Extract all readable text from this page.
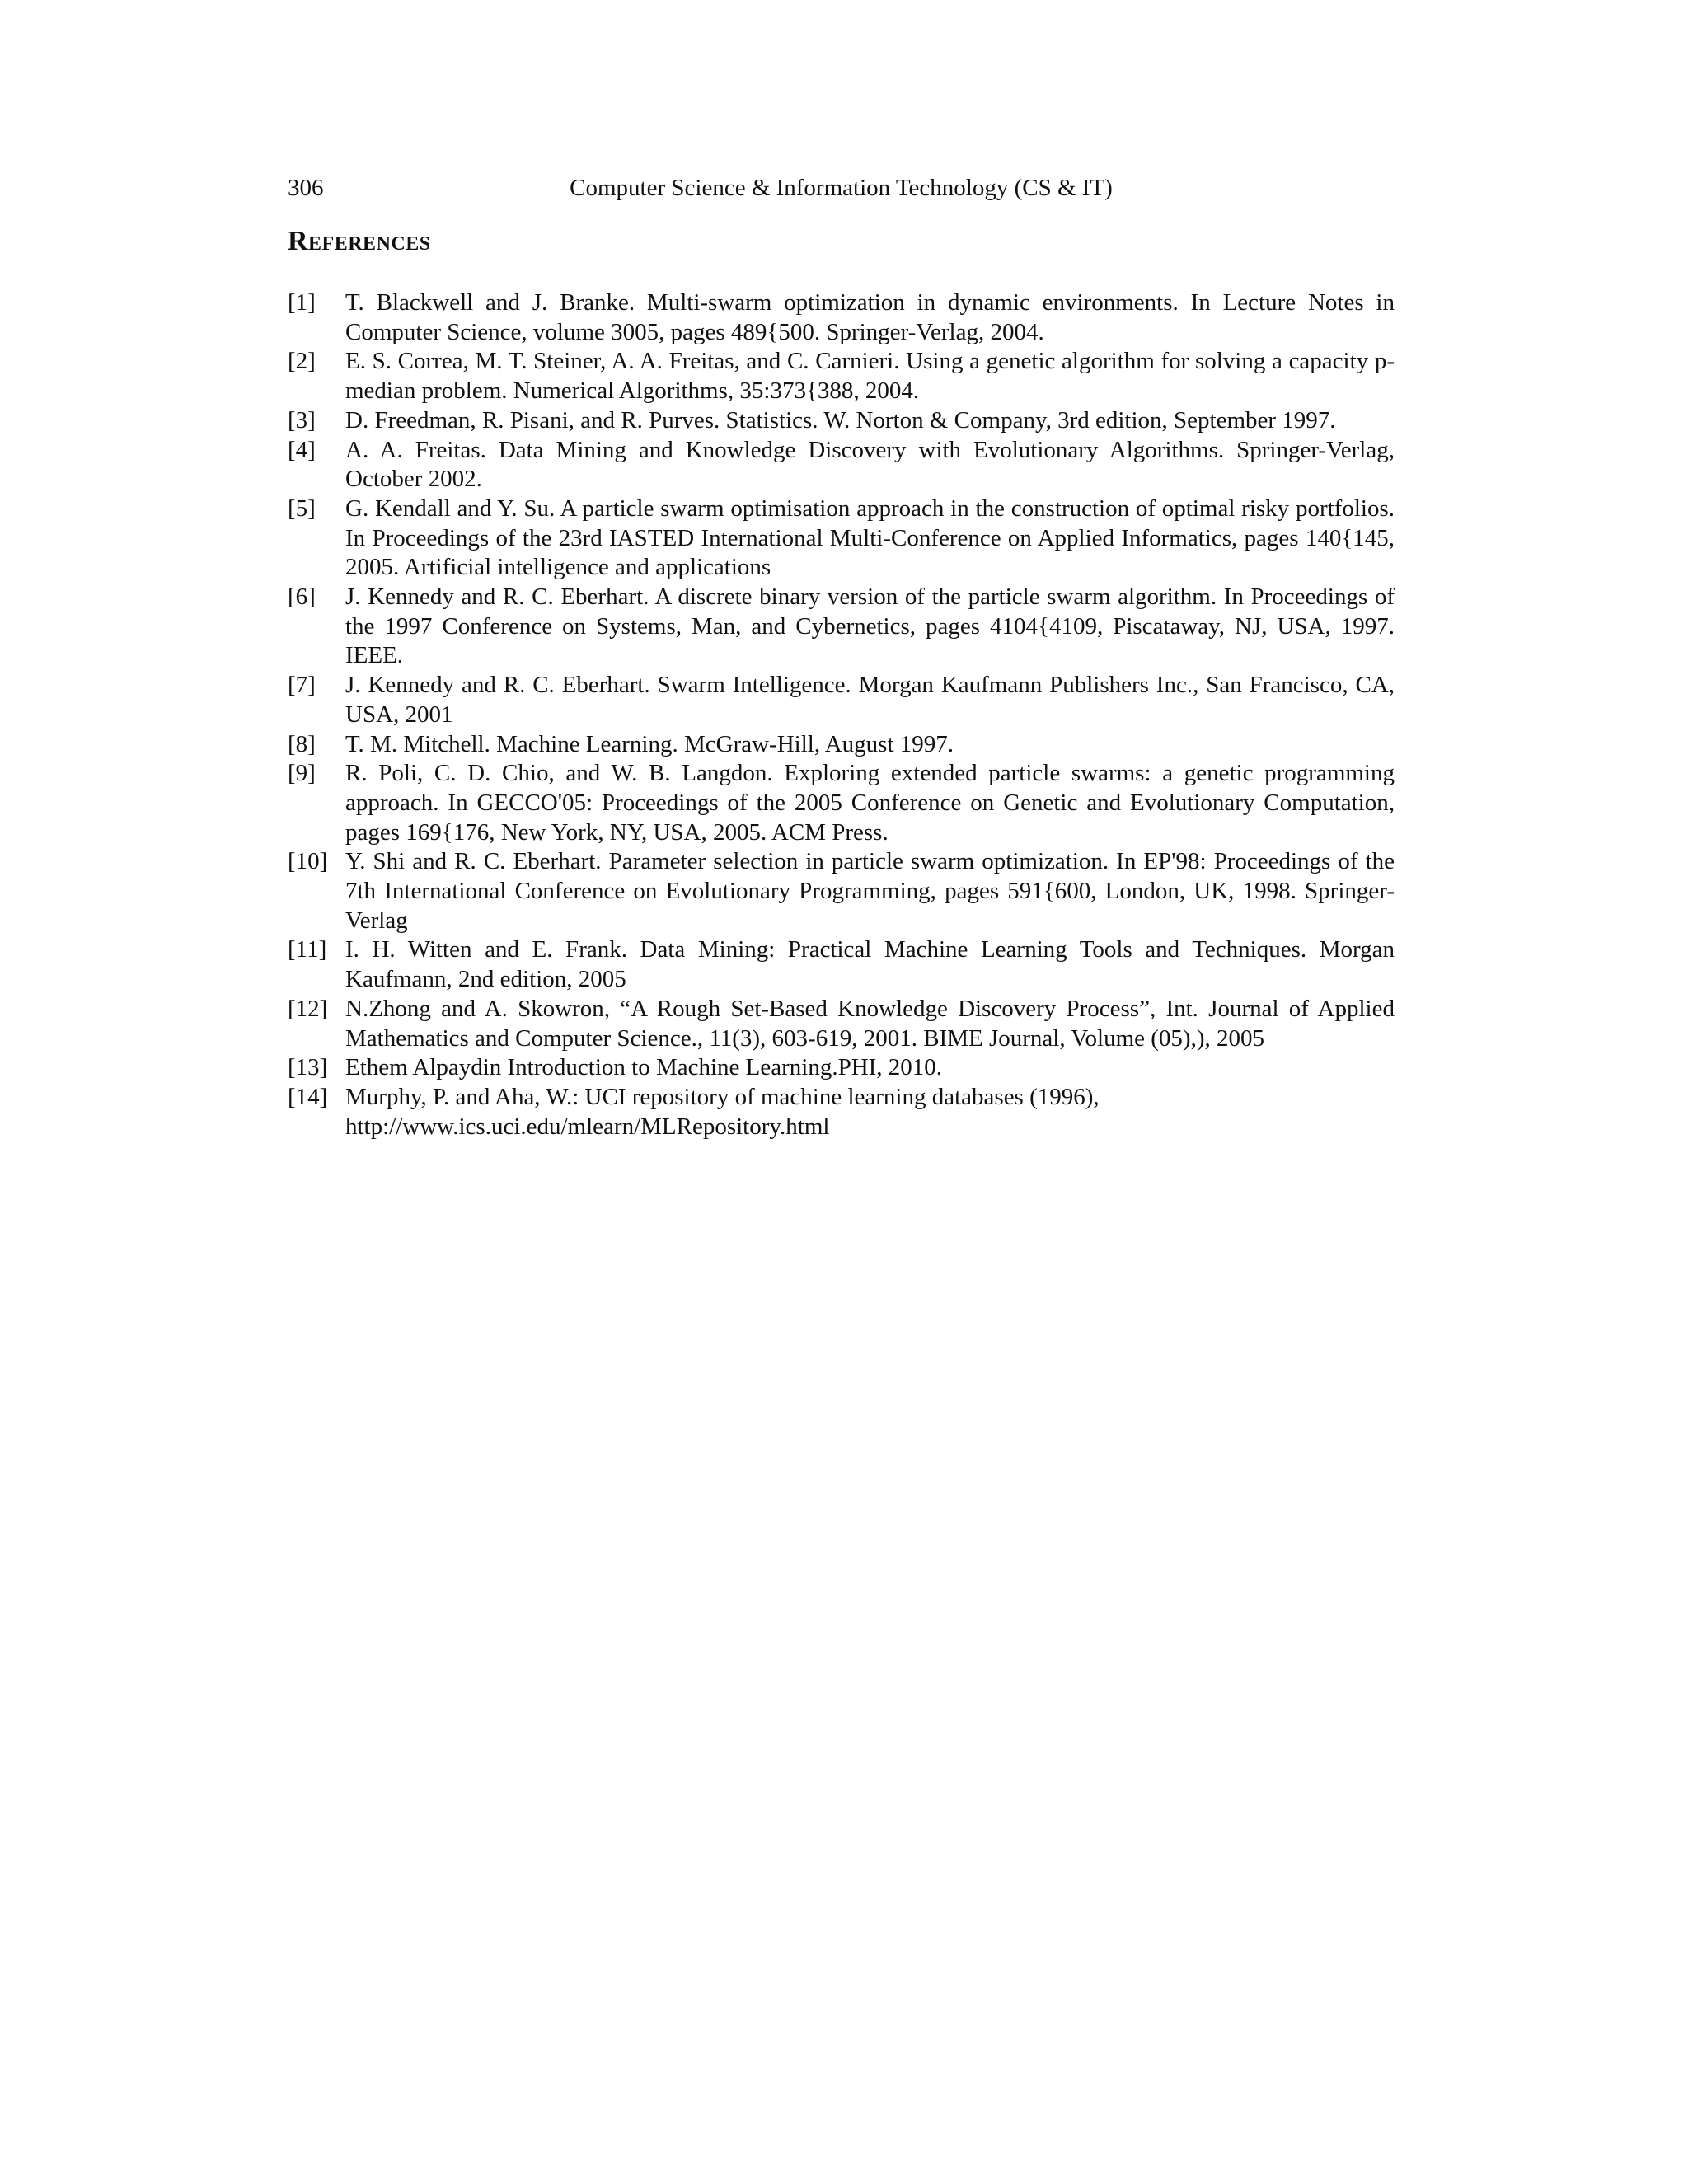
306	Computer Science & Information Technology (CS & IT)
References
[1]	T. Blackwell and J. Branke. Multi-swarm optimization in dynamic environments. In Lecture Notes in Computer Science, volume 3005, pages 489{500. Springer-Verlag, 2004.
[2]	E. S. Correa, M. T. Steiner, A. A. Freitas, and C. Carnieri. Using a genetic algorithm for solving a capacity p-median problem. Numerical Algorithms, 35:373{388, 2004.
[3]	D. Freedman, R. Pisani, and R. Purves. Statistics. W. Norton & Company, 3rd edition, September 1997.
[4]	A. A. Freitas. Data Mining and Knowledge Discovery with Evolutionary Algorithms. Springer-Verlag, October 2002.
[5]	G. Kendall and Y. Su. A particle swarm optimisation approach in the construction of optimal risky portfolios. In Proceedings of the 23rd IASTED International Multi-Conference on Applied Informatics, pages 140{145, 2005. Artificial intelligence and applications
[6]	J. Kennedy and R. C. Eberhart. A discrete binary version of the particle swarm algorithm. In Proceedings of the 1997 Conference on Systems, Man, and Cybernetics, pages 4104{4109, Piscataway, NJ, USA, 1997. IEEE.
[7]	J. Kennedy and R. C. Eberhart. Swarm Intelligence. Morgan Kaufmann Publishers Inc., San Francisco, CA, USA, 2001
[8]	T. M. Mitchell. Machine Learning. McGraw-Hill, August 1997.
[9]	R. Poli, C. D. Chio, and W. B. Langdon. Exploring extended particle swarms: a genetic programming approach. In GECCO'05: Proceedings of the 2005 Conference on Genetic and Evolutionary Computation, pages 169{176, New York, NY, USA, 2005. ACM Press.
[10] Y. Shi and R. C. Eberhart. Parameter selection in particle swarm optimization. In EP'98: Proceedings of the 7th International Conference on Evolutionary Programming, pages 591{600, London, UK, 1998. Springer-Verlag
[11] I. H. Witten and E. Frank. Data Mining: Practical Machine Learning Tools and Techniques. Morgan Kaufmann, 2nd edition, 2005
[12] N.Zhong and A. Skowron, “A Rough Set-Based Knowledge Discovery Process”, Int. Journal of Applied Mathematics and Computer Science., 11(3), 603-619, 2001. BIME Journal, Volume (05),), 2005
[13] Ethem Alpaydin Introduction to Machine Learning.PHI, 2010.
[14] Murphy, P. and Aha, W.: UCI repository of machine learning databases (1996),
http://www.ics.uci.edu/mlearn/MLRepository.html
